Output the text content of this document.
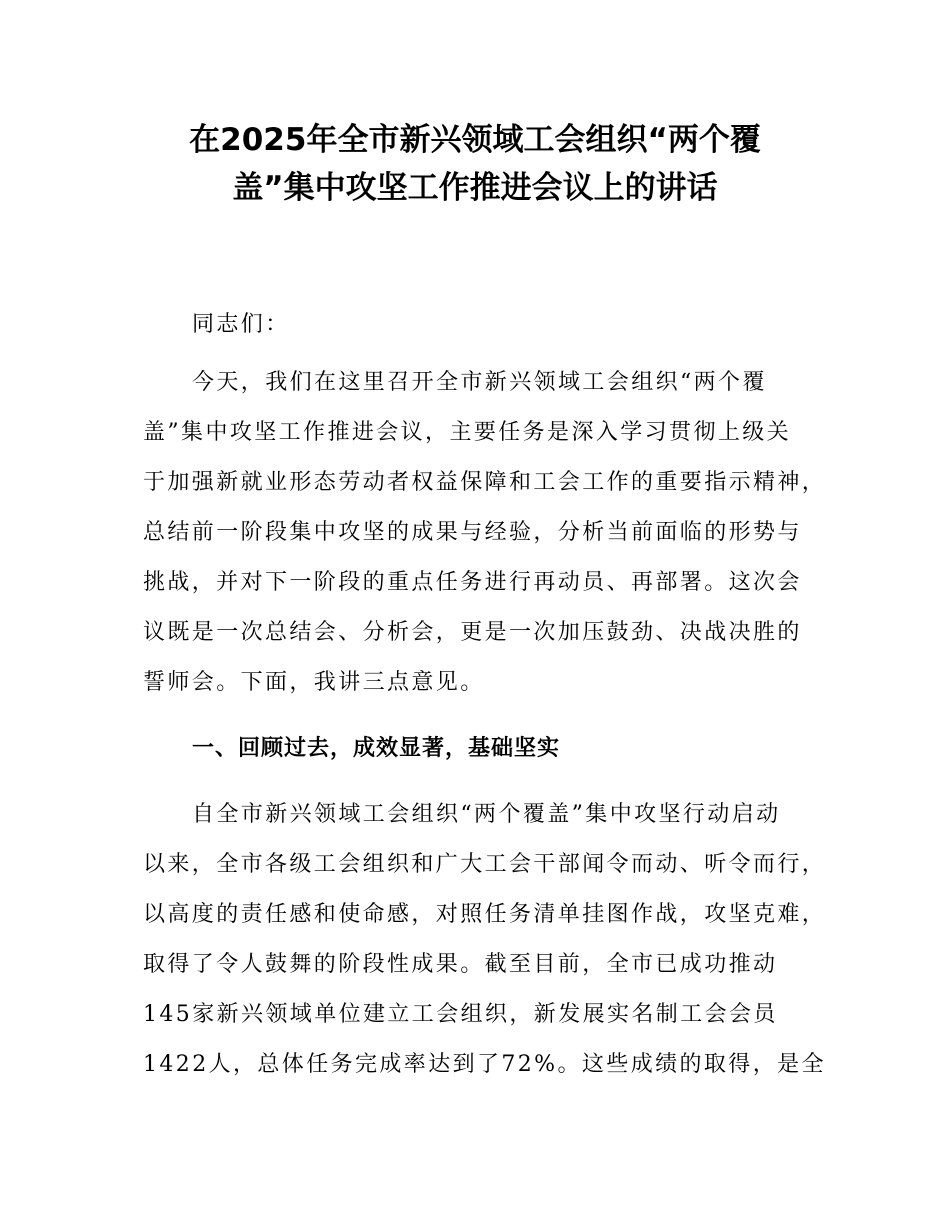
在2025年全市新兴领域工会组织“两个覆
盖”集中攻坚工作推进会议上的讲话
同志们：
今天，我们在这里召开全市新兴领域工会组织“两个覆
盖”集中攻坚工作推进会议，主要任务是深入学习贯彻上级关
于加强新就业形态劳动者权益保障和工会工作的重要指示精神，
总结前一阶段集中攻坚的成果与经验，分析当前面临的形势与
挑战，并对下一阶段的重点任务进行再动员、再部署。这次会
议既是一次总结会、分析会，更是一次加压鼓劲、决战决胜的
誓师会。下面，我讲三点意见。
一、回顾过去，成效显著，基础坚实
自全市新兴领域工会组织“两个覆盖”集中攻坚行动启动
以来，全市各级工会组织和广大工会干部闻令而动、听令而行，
以高度的责任感和使命感，对照任务清单挂图作战，攻坚克难，
取得了令人鼓舞的阶段性成果。截至目前，全市已成功推动
145家新兴领域单位建立工会组织，新发展实名制工会会员
1422人，总体任务完成率达到了72%。这些成绩的取得，是全
